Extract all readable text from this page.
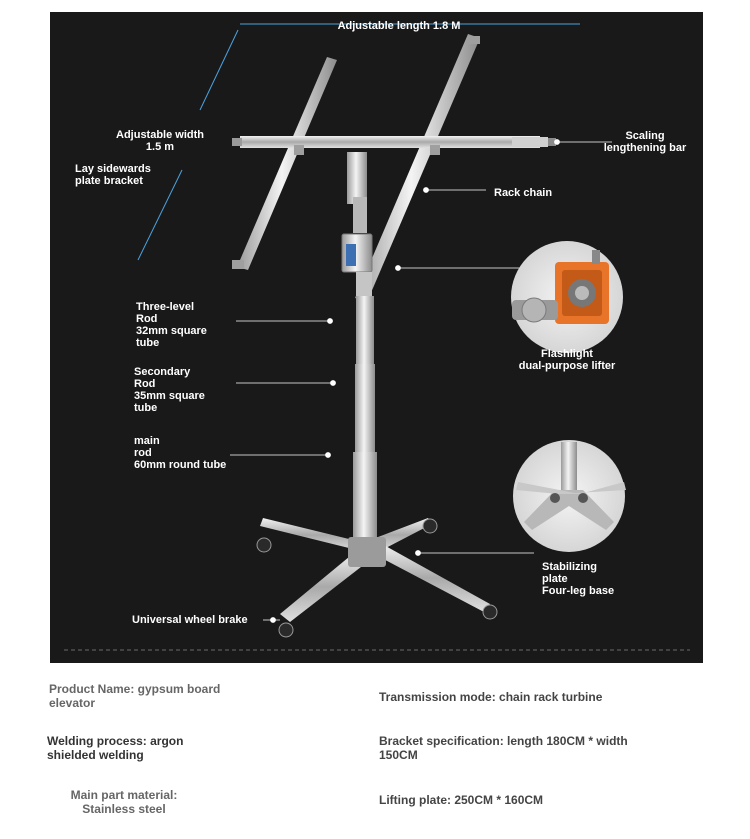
Adjustable length 1.8 M
Adjustable width
1.5 m
Lay sidewards
plate bracket
Scaling
lengthening bar
Rack chain
Three-level
Rod
32mm square
tube
Secondary
Rod
35mm square
tube
main
rod
60mm round tube
Flashlight
dual-purpose lifter
Stabilizing
plate
Four-leg base
Universal wheel brake
Product Name: gypsum board
elevator	Transmission mode: chain rack turbine
Welding process: argon
shielded welding
Bracket specification: length 180CM * width
150CM
Main part material:
Stainless steel
Lifting plate: 250CM * 160CM
